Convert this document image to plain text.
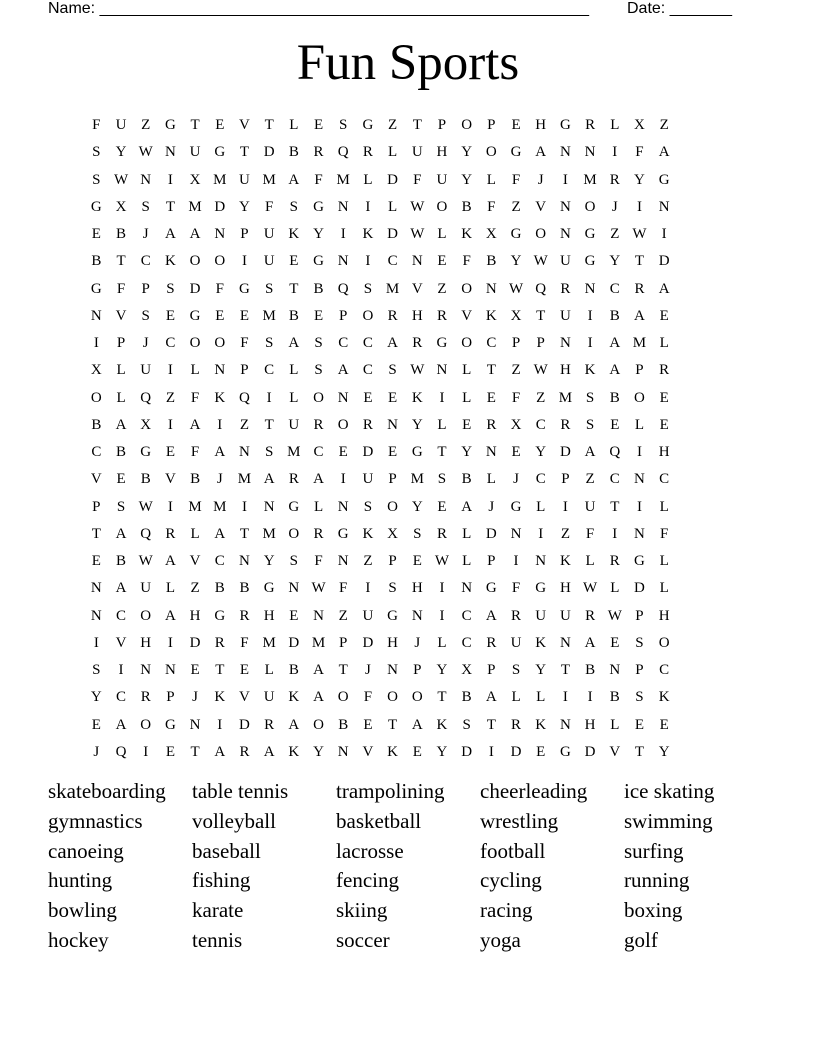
Name: _______________________________________________________ Date: _______
Fun Sports
F	U Z G T	E V T	L	E	S	G Z	T	P	O	P	E H G R	L X Z
S	Y W N U G T D B R Q R	L U H Y O G A N N	I	F	A
S W N	I	X M U M A	F M L D	F	U Y L	F	J	I	M R Y G
G X	S	T M D Y	F	S	G N	I	L W O B	F	Z V N O	J	I	N
E	B	J	A A N	P	U K Y	I	K D W L K X G O N G Z W	I
B	T	C K O O	I	U E G N	I	C N E	F	B Y W U G Y T D
G	F	P	S	D	F	G	S	T	B Q	S M V Z O N W Q R N C R A
N V	S	E G E	E M B	E	P	O R H R V K X T U	I	B A E
I	P	J	C O O	F	S	A	S	C C A R G O C	P	P	N	I	A M L
X L U	I	L N	P	C	L	S	A C	S W N L	T	Z W H K A	P	R
O L Q Z	F	K Q	I	L O N E	E K	I	L	E	F	Z M S	B O E
B A X	I	A	I	Z	T U R O R N Y L	E	R X C R	S	E	L	E
C B G E	F	A N	S M C	E D E G T Y N E Y D A Q	I	H
V E	B V B	J	M A R A	I	U	P M S	B	L	J	C	P	Z	C N C
P	S W	I	M M	I	N G L N	S	O Y E A	J	G L	I	U T	I	L
T A Q R	L A T M O R G K X	S	R	L D N	I	Z	F	I	N	F
E	B W A V C N Y	S	F	N Z	P	E W L	P	I	N K L	R G L
N A U L	Z	B B G N W F	I	S	H	I	N G	F	G H W L D L
N C O A H G R H E N Z U G N	I	C A R U U R W P	H
I	V H	I	D R	F M D M P	D H	J	L	C R U K N A E	S	O
S	I	N N E	T	E	L	B A T	J	N	P	Y X	P	S	Y T	B N	P	C
Y C R	P	J	K V U K A O	F	O O T	B A L	L	I	I	B	S	K
E A O G N	I	D R A O B	E	T A K	S	T	R K N H L	E	E
J	Q	I	E	T A R A K Y N V K E Y D	I	D E G D V T Y
skateboarding	table tennis	trampolining	cheerleading	ice skating
gymnastics	volleyball	basketball	wrestling	swimming
canoeing	baseball	lacrosse	football	surfing
hunting	fishing	fencing	cycling	running
bowling	karate	skiing	racing	boxing
hockey	tennis	soccer	yoga	golf
